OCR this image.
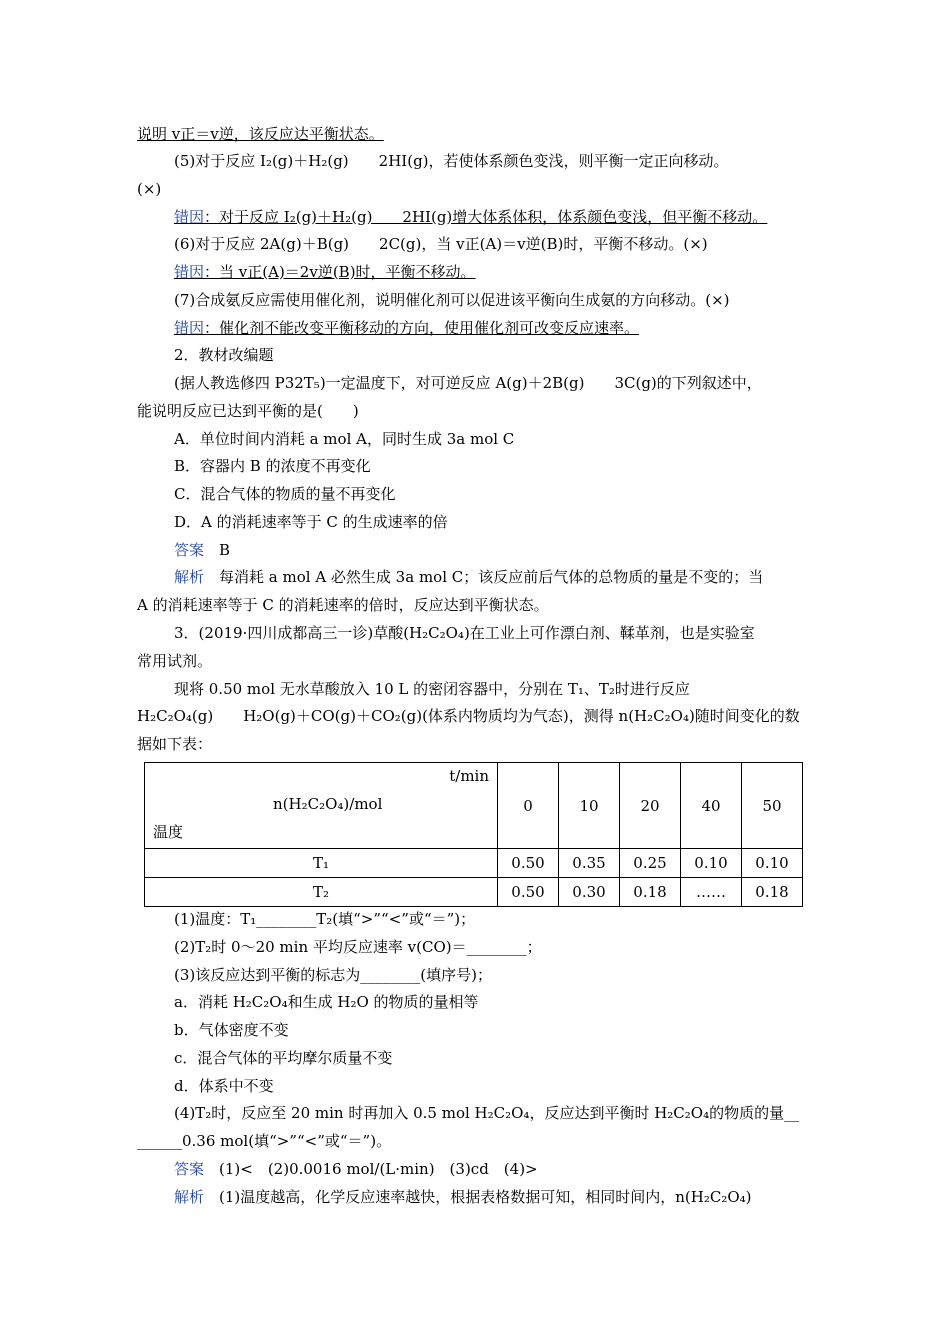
说明 v正＝v逆，该反应达平衡状态。
(5)对于反应 I₂(g)＋H₂(g)　　2HI(g)，若使体系颜色变浅，则平衡一定正向移动。
(×)
错因：对于反应 I₂(g)＋H₂(g)　　2HI(g)增大体系体积，体系颜色变浅，但平衡不移动。
(6)对于反应 2A(g)＋B(g)　　2C(g)，当 v正(A)＝v逆(B)时，平衡不移动。(×)
错因：当 v正(A)＝2v逆(B)时，平衡不移动。
(7)合成氨反应需使用催化剂，说明催化剂可以促进该平衡向生成氨的方向移动。(×)
错因：催化剂不能改变平衡移动的方向，使用催化剂可改变反应速率。
2．教材改编题
(据人教选修四 P32T₅)一定温度下，对可逆反应 A(g)＋2B(g)　　3C(g)的下列叙述中，
能说明反应已达到平衡的是(　　)
A．单位时间内消耗 a mol A，同时生成 3a mol C
B．容器内 B 的浓度不再变化
C．混合气体的物质的量不再变化
D．A 的消耗速率等于 C 的生成速率的倍
答案　B
解析　每消耗 a mol A 必然生成 3a mol C；该反应前后气体的总物质的量是不变的；当
A 的消耗速率等于 C 的消耗速率的倍时，反应达到平衡状态。
3．(2019·四川成都高三一诊)草酸(H₂C₂O₄)在工业上可作漂白剂、鞣革剂，也是实验室
常用试剂。
现将 0.50 mol 无水草酸放入 10 L 的密闭容器中，分别在 T₁、T₂时进行反应
H₂C₂O₄(g)　　H₂O(g)＋CO(g)＋CO₂(g)(体系内物质均为气态)，测得 n(H₂C₂O₄)随时间变化的数
据如下表：
t/min
n(H₂C₂O₄)/mol
温度	0	10	20	40	50
T₁	0.50	0.35	0.25	0.10	0.10
T₂	0.50	0.30	0.18	……	0.18
(1)温度：T₁________T₂(填“>”“<”或“＝”)；
(2)T₂时 0～20 min 平均反应速率 v(CO)＝________；
(3)该反应达到平衡的标志为________(填序号)；
a．消耗 H₂C₂O₄和生成 H₂O 的物质的量相等
b．气体密度不变
c．混合气体的平均摩尔质量不变
d．体系中不变
(4)T₂时，反应至 20 min 时再加入 0.5 mol H₂C₂O₄，反应达到平衡时 H₂C₂O₄的物质的量__
______0.36 mol(填“>”“<”或“＝”)。
答案　(1)<　(2)0.0016 mol/(L·min)　(3)cd　(4)>
解析　(1)温度越高，化学反应速率越快，根据表格数据可知，相同时间内，n(H₂C₂O₄)
